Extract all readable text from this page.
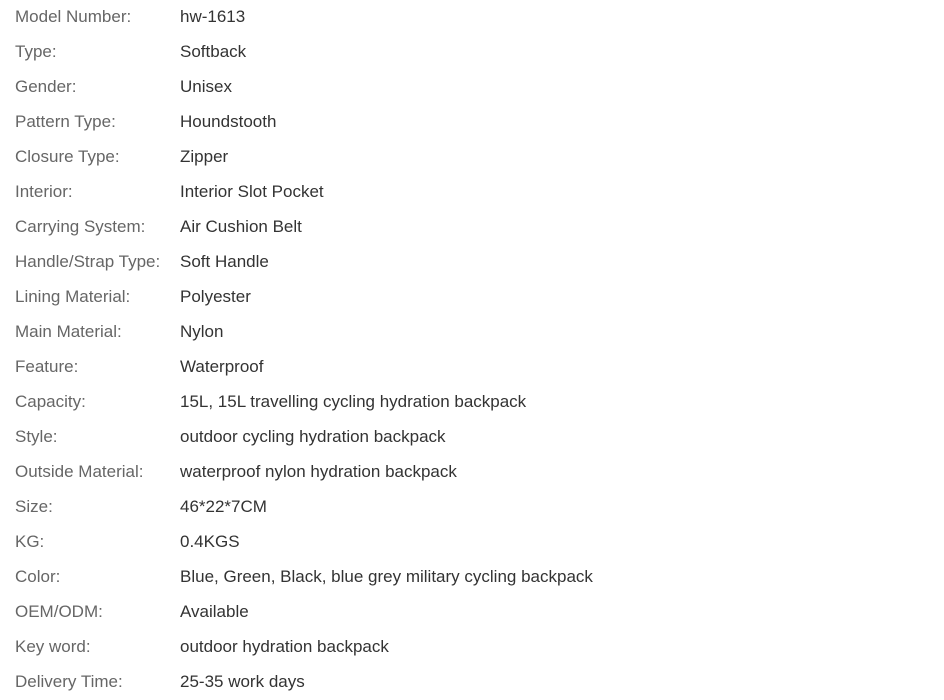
Model Number:	hw-1613
Type:	Softback
Gender:	Unisex
Pattern Type:	Houndstooth
Closure Type:	Zipper
Interior:	Interior Slot Pocket
Carrying System: Air Cushion Belt
Handle/Strap Type: Soft Handle
Lining Material:	Polyester
Main Material:	Nylon
Feature:	Waterproof
Capacity:	15L, 15L travelling cycling hydration backpack
Style:	outdoor cycling hydration backpack
Outside Material: waterproof nylon hydration backpack
Size:	46*22*7CM
KG:	0.4KGS
Color:	Blue, Green, Black, blue grey military cycling backpack
OEM/ODM:	Available
Key word:	outdoor hydration backpack
Delivery Time:	25-35 work days
